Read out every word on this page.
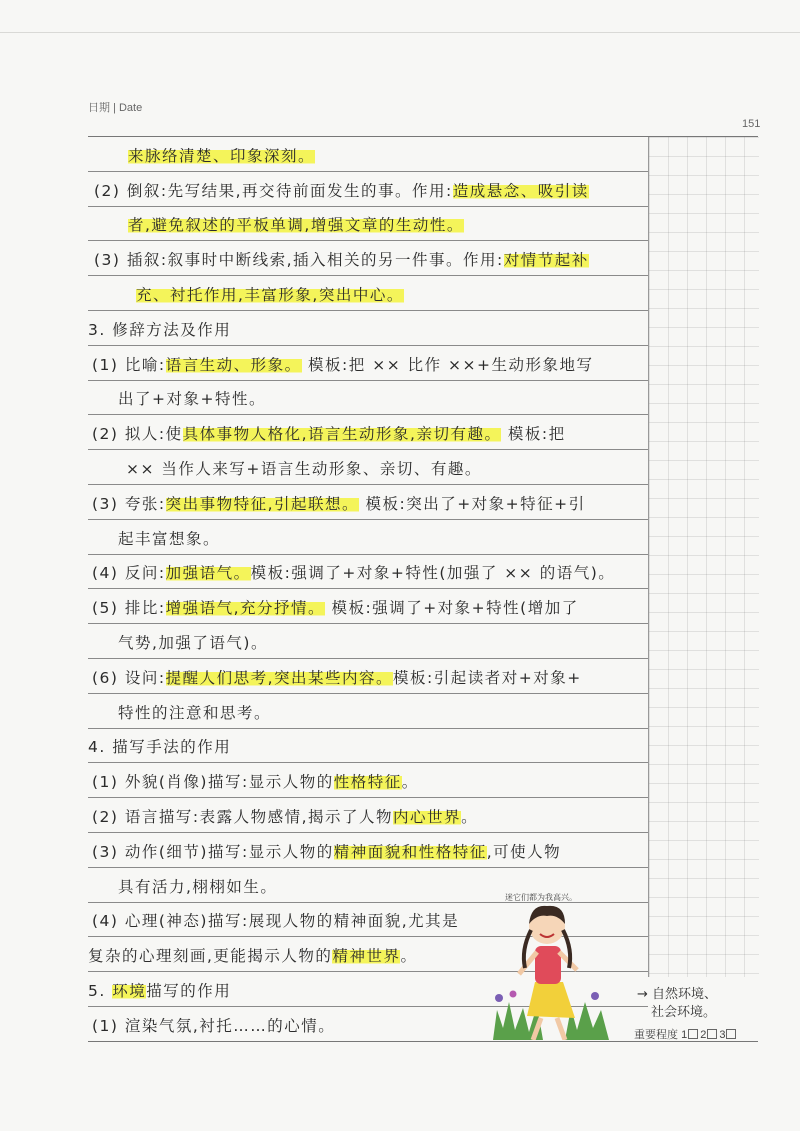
日期 | Date
151
来脉络清楚、印象深刻。
(2) 倒叙:先写结果,再交待前面发生的事。作用:造成悬念、吸引读
者,避免叙述的平板单调,增强文章的生动性。
(3) 插叙:叙事时中断线索,插入相关的另一件事。作用:对情节起补
充、衬托作用,丰富形象,突出中心。
3. 修辞方法及作用
(1) 比喻:语言生动、形象。 模板:把 ×× 比作 ××+生动形象地写
出了+对象+特性。
(2) 拟人:使具体事物人格化,语言生动形象,亲切有趣。 模板:把
×× 当作人来写+语言生动形象、亲切、有趣。
(3) 夸张:突出事物特征,引起联想。 模板:突出了+对象+特征+引
起丰富想象。
(4) 反问:加强语气。模板:强调了+对象+特性(加强了 ×× 的语气)。
(5) 排比:增强语气,充分抒情。 模板:强调了+对象+特性(增加了
气势,加强了语气)。
(6) 设问:提醒人们思考,突出某些内容。模板:引起读者对+对象+
特性的注意和思考。
4. 描写手法的作用
(1) 外貌(肖像)描写:显示人物的性格特征。
(2) 语言描写:表露人物感情,揭示了人物内心世界。
(3) 动作(细节)描写:显示人物的精神面貌和性格特征,可使人物
具有活力,栩栩如生。
(4) 心理(神态)描写:展现人物的精神面貌,尤其是
复杂的心理刻画,更能揭示人物的精神世界。
5. 环境描写的作用
(1) 渲染气氛,衬托……的心情。
迷它们都为我高兴。
→ 自然环境、
社会环境。
重要程度 1 2 3
